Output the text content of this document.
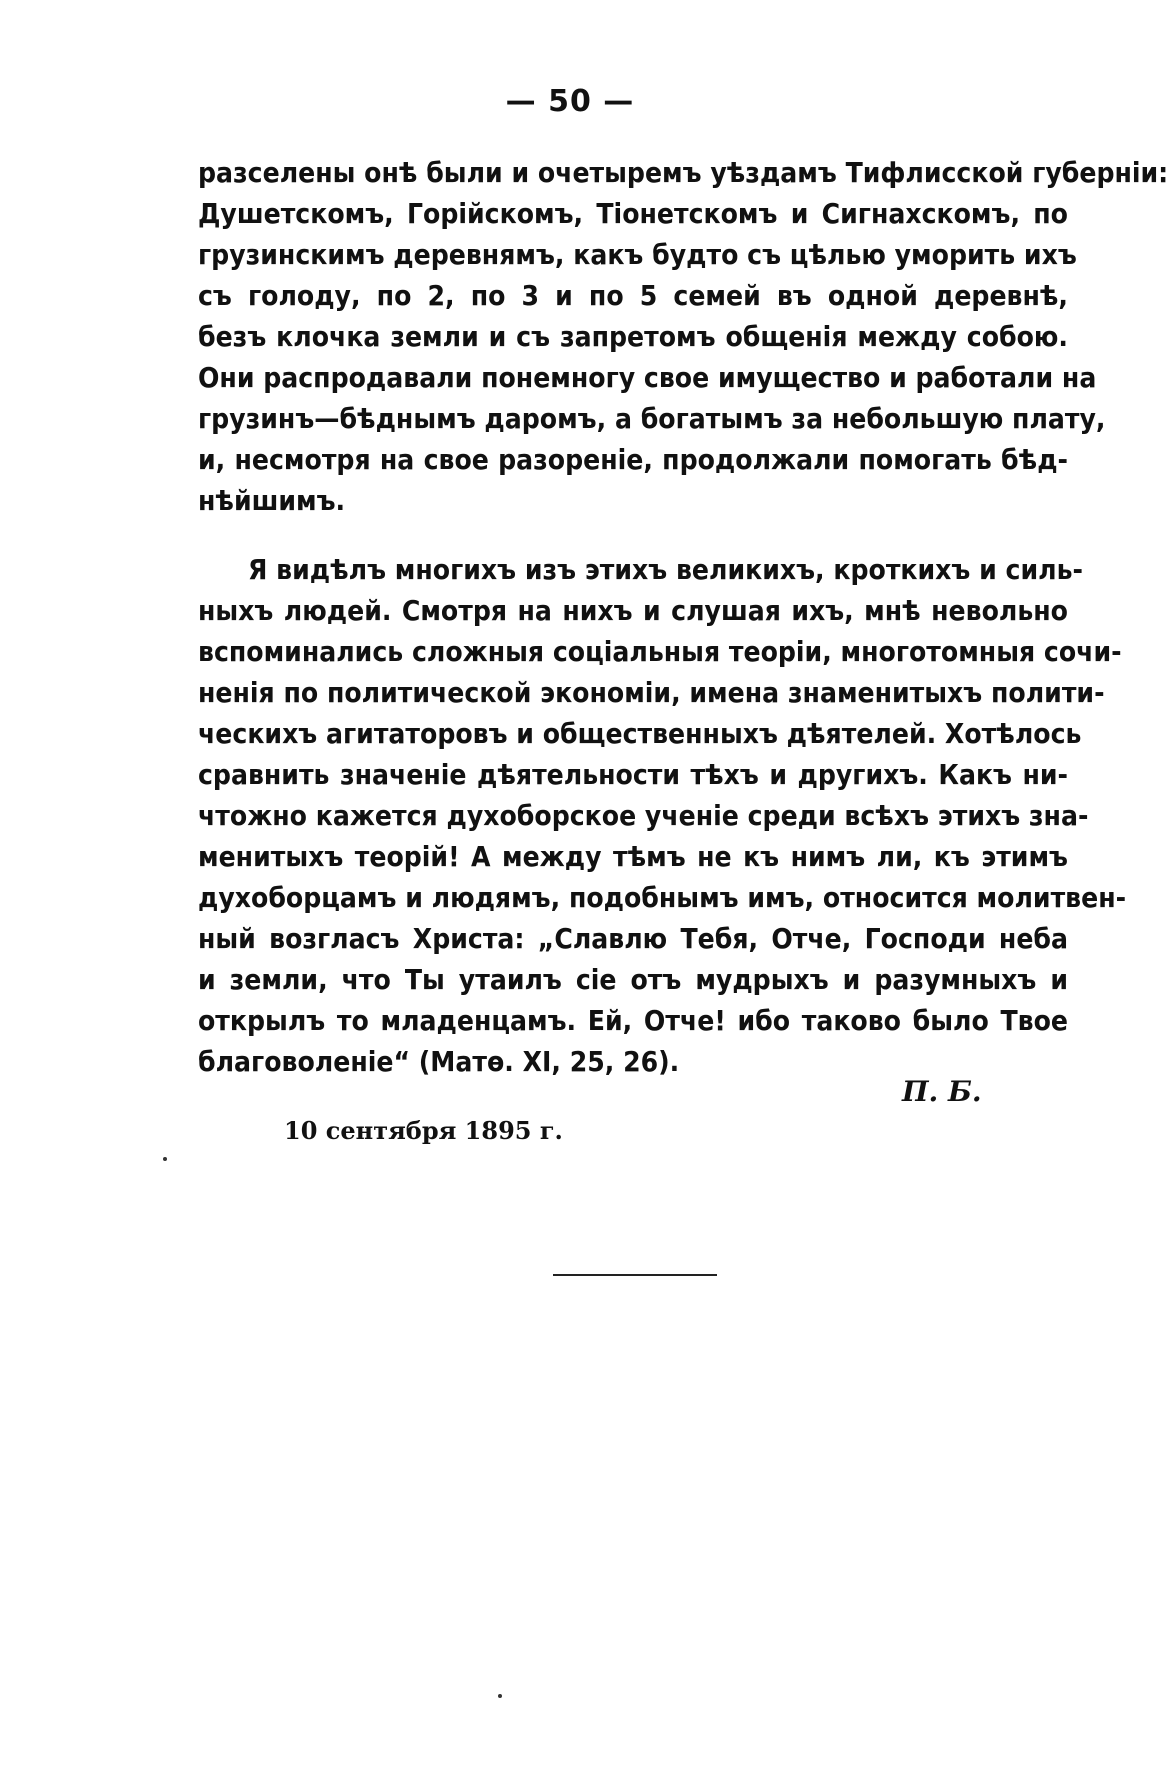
— 50 —
разселены онѣ были и очетыремъ уѣздамъ Тифлисской губерніи:
Душетскомъ, Горійскомъ, Тіонетскомъ и Сигнахскомъ, по
грузинскимъ деревнямъ, какъ будто съ цѣлью уморить ихъ
съ голоду, по 2, по 3 и по 5 семей въ одной деревнѣ,
безъ клочка земли и съ запретомъ общенія между собою.
Они распродавали понемногу свое имущество и работали на
грузинъ—бѣднымъ даромъ, а богатымъ за небольшую плату,
и, несмотря на свое разореніе, продолжали помогать бѣд-
нѣйшимъ.
Я видѣлъ многихъ изъ этихъ великихъ, кроткихъ и силь-
ныхъ людей. Смотря на нихъ и слушая ихъ, мнѣ невольно
вспоминались сложныя соціальныя теоріи, многотомныя сочи-
ненія по политической экономіи, имена знаменитыхъ полити-
ческихъ агитаторовъ и общественныхъ дѣятелей. Хотѣлось
сравнить значеніе дѣятельности тѣхъ и другихъ. Какъ ни-
чтожно кажется духоборское ученіе среди всѣхъ этихъ зна-
менитыхъ теорій! А между тѣмъ не къ нимъ ли, къ этимъ
духоборцамъ и людямъ, подобнымъ имъ, относится молитвен-
ный возгласъ Христа: „Славлю Тебя, Отче, Господи неба
и земли, что Ты утаилъ сіе отъ мудрыхъ и разумныхъ и
открылъ то младенцамъ. Ей, Отче! ибо таково было Твое
благоволеніе“ (Матѳ. XI, 25, 26).
П. Б.
10 сентября 1895 г.
